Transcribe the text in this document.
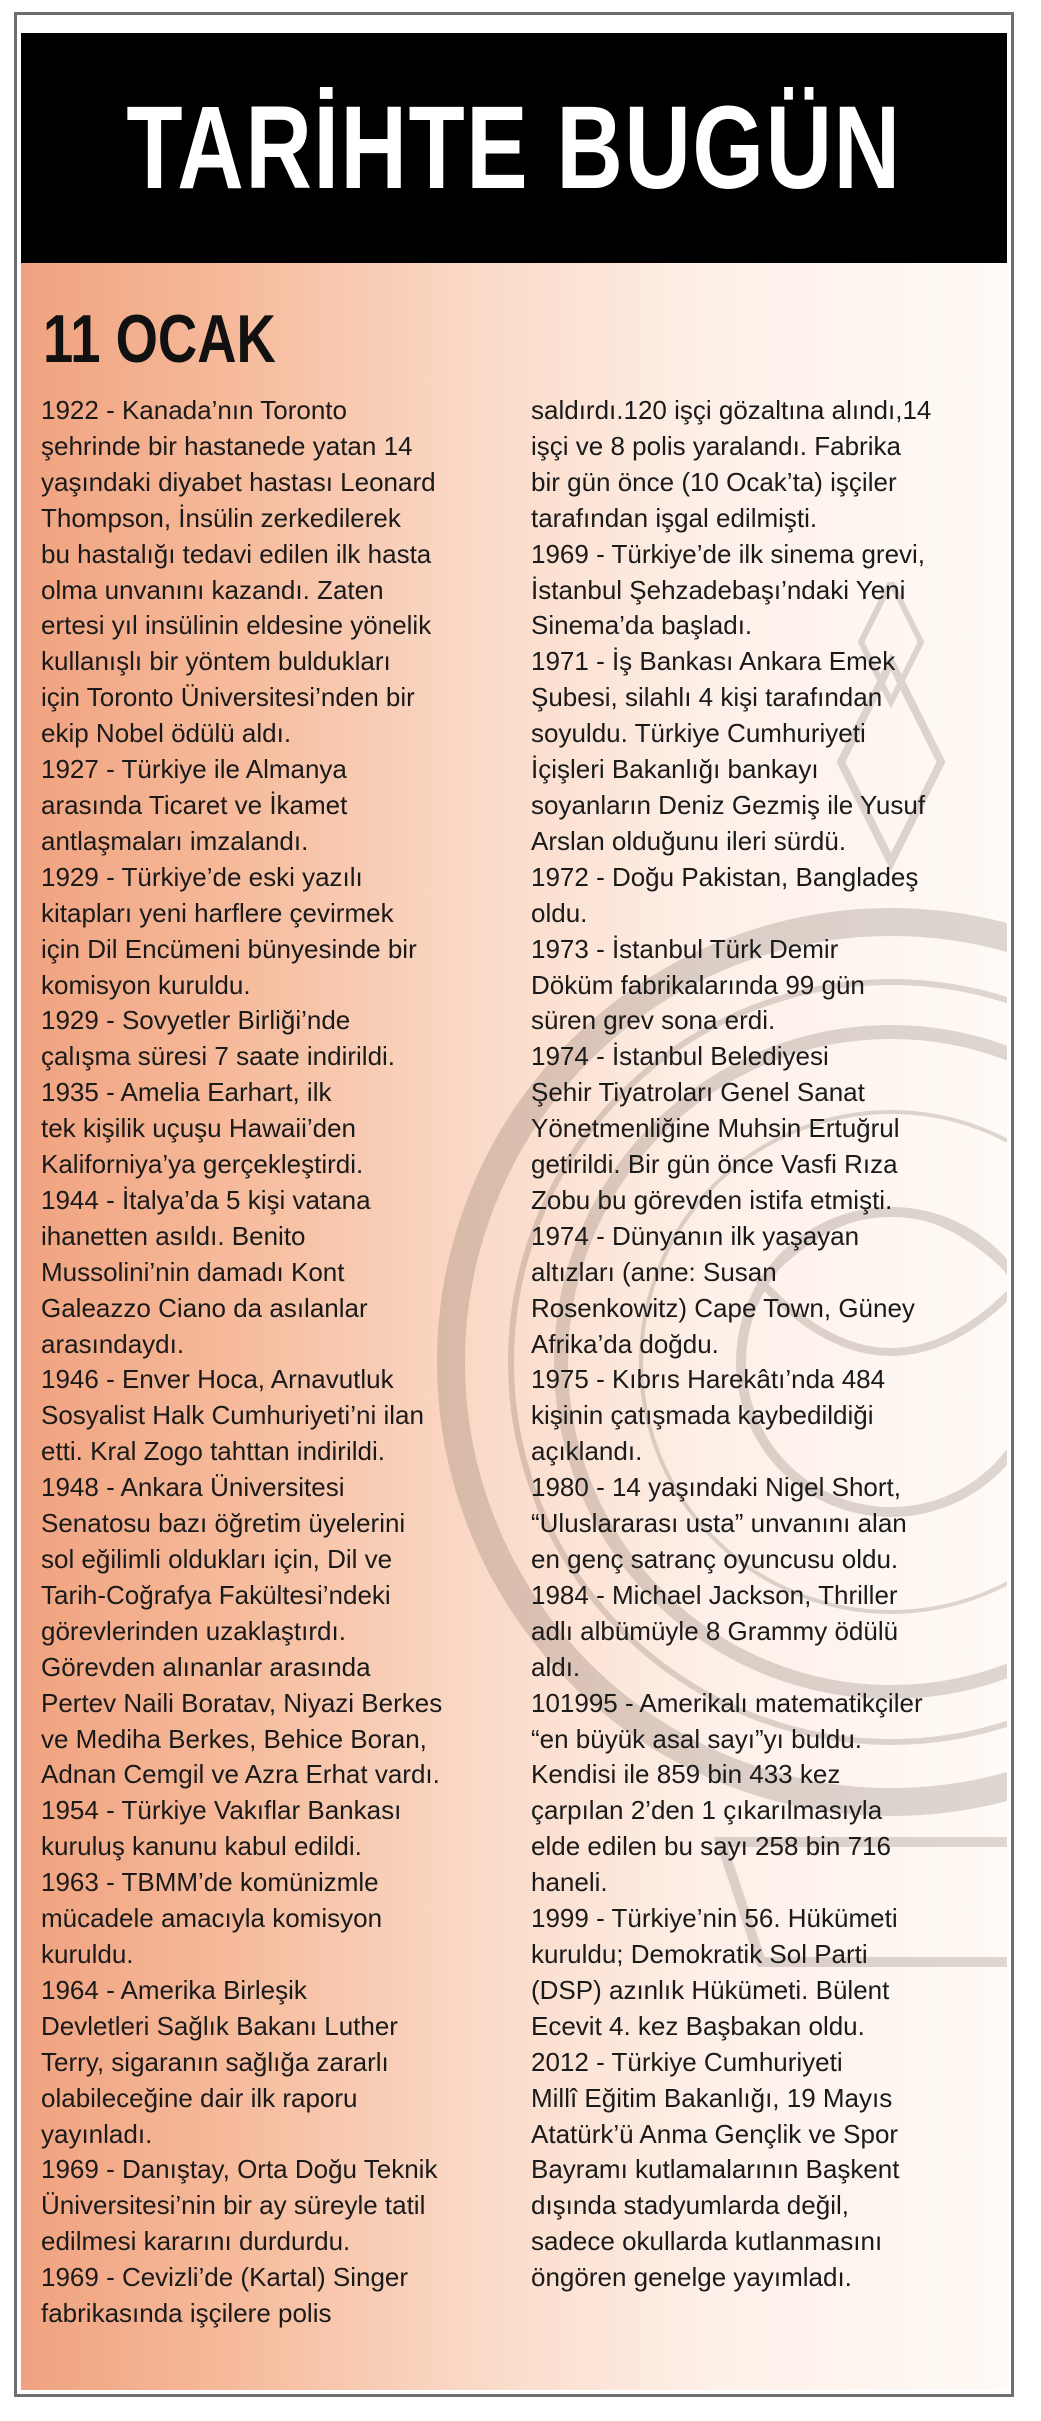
TARİHTE BUGÜN
11 OCAK
1922 - Kanada’nın Toronto
şehrinde bir hastanede yatan 14
yaşındaki diyabet hastası Leonard
Thompson, İnsülin zerkedilerek
bu hastalığı tedavi edilen ilk hasta
olma unvanını kazandı. Zaten
ertesi yıl insülinin eldesine yönelik
kullanışlı bir yöntem buldukları
için Toronto Üniversitesi’nden bir
ekip Nobel ödülü aldı.
1927 - Türkiye ile Almanya
arasında Ticaret ve İkamet
antlaşmaları imzalandı.
1929 - Türkiye’de eski yazılı
kitapları yeni harflere çevirmek
için Dil Encümeni bünyesinde bir
komisyon kuruldu.
1929 - Sovyetler Birliği’nde
çalışma süresi 7 saate indirildi.
1935 - Amelia Earhart, ilk
tek kişilik uçuşu Hawaii’den
Kaliforniya’ya gerçekleştirdi.
1944 - İtalya’da 5 kişi vatana
ihanetten asıldı. Benito
Mussolini’nin damadı Kont
Galeazzo Ciano da asılanlar
arasındaydı.
1946 - Enver Hoca, Arnavutluk
Sosyalist Halk Cumhuriyeti’ni ilan
etti. Kral Zogo tahttan indirildi.
1948 - Ankara Üniversitesi
Senatosu bazı öğretim üyelerini
sol eğilimli oldukları için, Dil ve
Tarih-Coğrafya Fakültesi’ndeki
görevlerinden uzaklaştırdı.
Görevden alınanlar arasında
Pertev Naili Boratav, Niyazi Berkes
ve Mediha Berkes, Behice Boran,
Adnan Cemgil ve Azra Erhat vardı.
1954 - Türkiye Vakıflar Bankası
kuruluş kanunu kabul edildi.
1963 - TBMM’de komünizmle
mücadele amacıyla komisyon
kuruldu.
1964 - Amerika Birleşik
Devletleri Sağlık Bakanı Luther
Terry, sigaranın sağlığa zararlı
olabileceğine dair ilk raporu
yayınladı.
1969 - Danıştay, Orta Doğu Teknik
Üniversitesi’nin bir ay süreyle tatil
edilmesi kararını durdurdu.
1969 - Cevizli’de (Kartal) Singer
fabrikasında işçilere polis
saldırdı.120 işçi gözaltına alındı,14
işçi ve 8 polis yaralandı. Fabrika
bir gün önce (10 Ocak’ta) işçiler
tarafından işgal edilmişti.
1969 - Türkiye’de ilk sinema grevi,
İstanbul Şehzadebaşı’ndaki Yeni
Sinema’da başladı.
1971 - İş Bankası Ankara Emek
Şubesi, silahlı 4 kişi tarafından
soyuldu. Türkiye Cumhuriyeti
İçişleri Bakanlığı bankayı
soyanların Deniz Gezmiş ile Yusuf
Arslan olduğunu ileri sürdü.
1972 - Doğu Pakistan, Bangladeş
oldu.
1973 - İstanbul Türk Demir
Döküm fabrikalarında 99 gün
süren grev sona erdi.
1974 - İstanbul Belediyesi
Şehir Tiyatroları Genel Sanat
Yönetmenliğine Muhsin Ertuğrul
getirildi. Bir gün önce Vasfi Rıza
Zobu bu görevden istifa etmişti.
1974 - Dünyanın ilk yaşayan
altızları (anne: Susan
Rosenkowitz) Cape Town, Güney
Afrika’da doğdu.
1975 - Kıbrıs Harekâtı’nda 484
kişinin çatışmada kaybedildiği
açıklandı.
1980 - 14 yaşındaki Nigel Short,
“Uluslararası usta” unvanını alan
en genç satranç oyuncusu oldu.
1984 - Michael Jackson, Thriller
adlı albümüyle 8 Grammy ödülü
aldı.
101995 - Amerikalı matematikçiler
“en büyük asal sayı”yı buldu.
Kendisi ile 859 bin 433 kez
çarpılan 2’den 1 çıkarılmasıyla
elde edilen bu sayı 258 bin 716
haneli.
1999 - Türkiye’nin 56. Hükümeti
kuruldu; Demokratik Sol Parti
(DSP) azınlık Hükümeti. Bülent
Ecevit 4. kez Başbakan oldu.
2012 - Türkiye Cumhuriyeti
Millî Eğitim Bakanlığı, 19 Mayıs
Atatürk’ü Anma Gençlik ve Spor
Bayramı kutlamalarının Başkent
dışında stadyumlarda değil,
sadece okullarda kutlanmasını
öngören genelge yayımladı.
